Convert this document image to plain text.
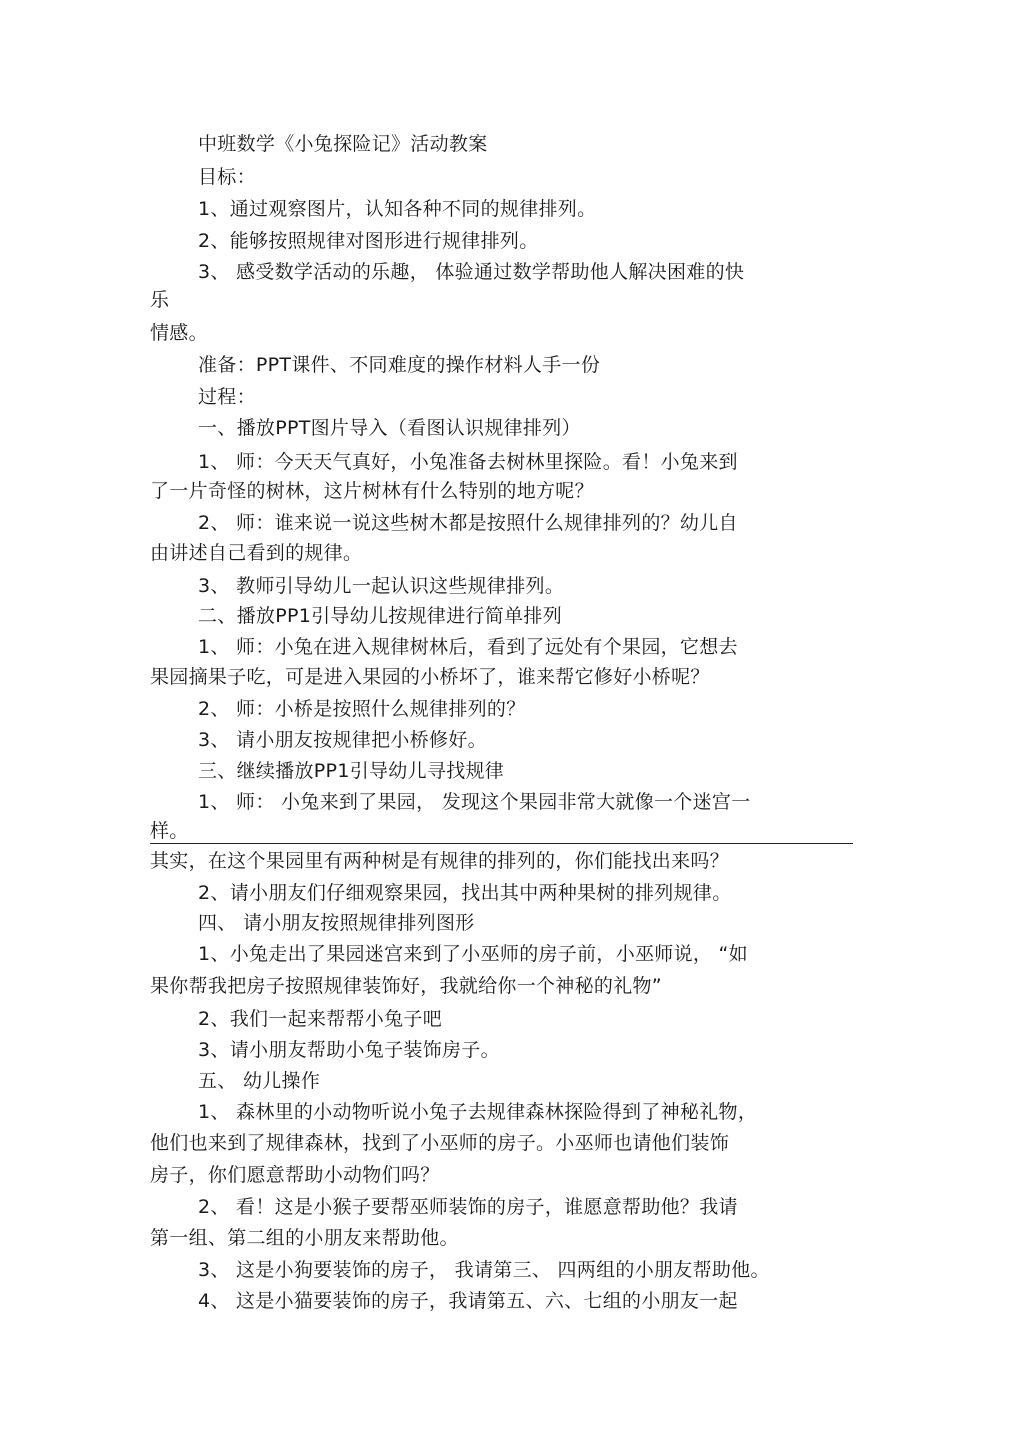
中班数学《小兔探险记》活动教案
目标：
1、通过观察图片，认知各种不同的规律排列。
2、能够按照规律对图形进行规律排列。
3、 感受数学活动的乐趣， 体验通过数学帮助他人解决困难的快
乐
情感。
准备：PPT课件、不同难度的操作材料人手一份
过程：
一、播放PPT图片导入（看图认识规律排列）
1、 师：今天天气真好，小兔准备去树林里探险。看！小兔来到
了一片奇怪的树林，这片树林有什么特别的地方呢？
2、 师：谁来说一说这些树木都是按照什么规律排列的？幼儿自
由讲述自己看到的规律。
3、 教师引导幼儿一起认识这些规律排列。
二、播放PP1引导幼儿按规律进行简单排列
1、 师：小兔在进入规律树林后，看到了远处有个果园，它想去
果园摘果子吃，可是进入果园的小桥坏了，谁来帮它修好小桥呢？
2、 师：小桥是按照什么规律排列的？
3、 请小朋友按规律把小桥修好。
三、继续播放PP1引导幼儿寻找规律
1、 师： 小兔来到了果园， 发现这个果园非常大就像一个迷宫一
样。
其实，在这个果园里有两种树是有规律的排列的，你们能找出来吗？
2、请小朋友们仔细观察果园，找出其中两种果树的排列规律。
四、 请小朋友按照规律排列图形
1、小兔走出了果园迷宫来到了小巫师的房子前，小巫师说， “如
果你帮我把房子按照规律装饰好，我就给你一个神秘的礼物”
2、我们一起来帮帮小兔子吧
3、请小朋友帮助小兔子装饰房子。
五、 幼儿操作
1、 森林里的小动物听说小兔子去规律森林探险得到了神秘礼物，
他们也来到了规律森林，找到了小巫师的房子。小巫师也请他们装饰
房子，你们愿意帮助小动物们吗？
2、 看！这是小猴子要帮巫师装饰的房子，谁愿意帮助他？我请
第一组、第二组的小朋友来帮助他。
3、 这是小狗要装饰的房子， 我请第三、 四两组的小朋友帮助他。
4、 这是小猫要装饰的房子，我请第五、六、七组的小朋友一起
